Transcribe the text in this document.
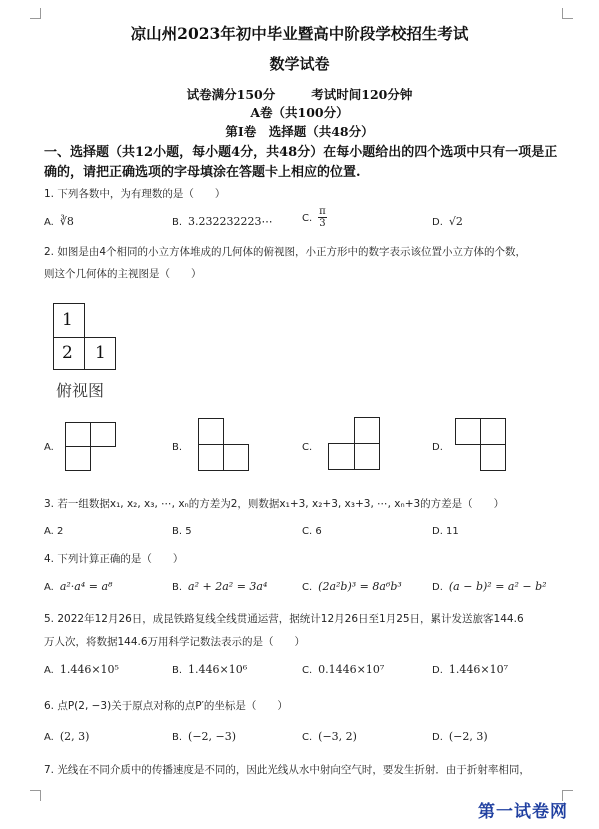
凉山州2023年初中毕业暨高中阶段学校招生考试
数学试卷
试卷满分150分	考试时间120分钟
A卷（共100分）
第Ⅰ卷　选择题（共48分）
一、选择题（共12小题，每小题4分，共48分）在每小题给出的四个选项中只有一项是正
确的，请把正确选项的字母填涂在答题卡上相应的位置.
1. 下列各数中，为有理数的是（　　）
A. ∛8	B. 3.232232223⋯	C. $\frac{\pi}{3}$	D. √2
2. 如图是由4个相同的小立方体堆成的几何体的俯视图，小正方形中的数字表示该位置小立方体的个数，
则这个几何体的主视图是（　　）
1
2 1
俯视图
A.	B.	C.	D.
3. 若一组数据x₁, x₂, x₃, ⋯, xₙ的方差为2，则数据x₁+3, x₂+3, x₃+3, ⋯, xₙ+3的方差是（　　）
A. 2	B. 5	C. 6	D. 11
4. 下列计算正确的是（　　）
A. a²·a⁴ = a⁸	B. a² + 2a² = 3a⁴	C. (2a²b)³ = 8a⁶b³	D. (a − b)² = a² − b²
5. 2022年12月26日，成昆铁路复线全线贯通运营，据统计12月26日至1月25日，累计发送旅客144.6
万人次，将数据144.6万用科学记数法表示的是（　　）
A. 1.446×10⁵	B. 1.446×10⁶	C. 0.1446×10⁷	D. 1.446×10⁷
6. 点P(2, −3)关于原点对称的点P′的坐标是（　　）
A. (2, 3)	B. (−2, −3)	C. (−3, 2)	D. (−2, 3)
7. 光线在不同介质中的传播速度是不同的，因此光线从水中射向空气时，要发生折射．由于折射率相同，
第一试卷网
